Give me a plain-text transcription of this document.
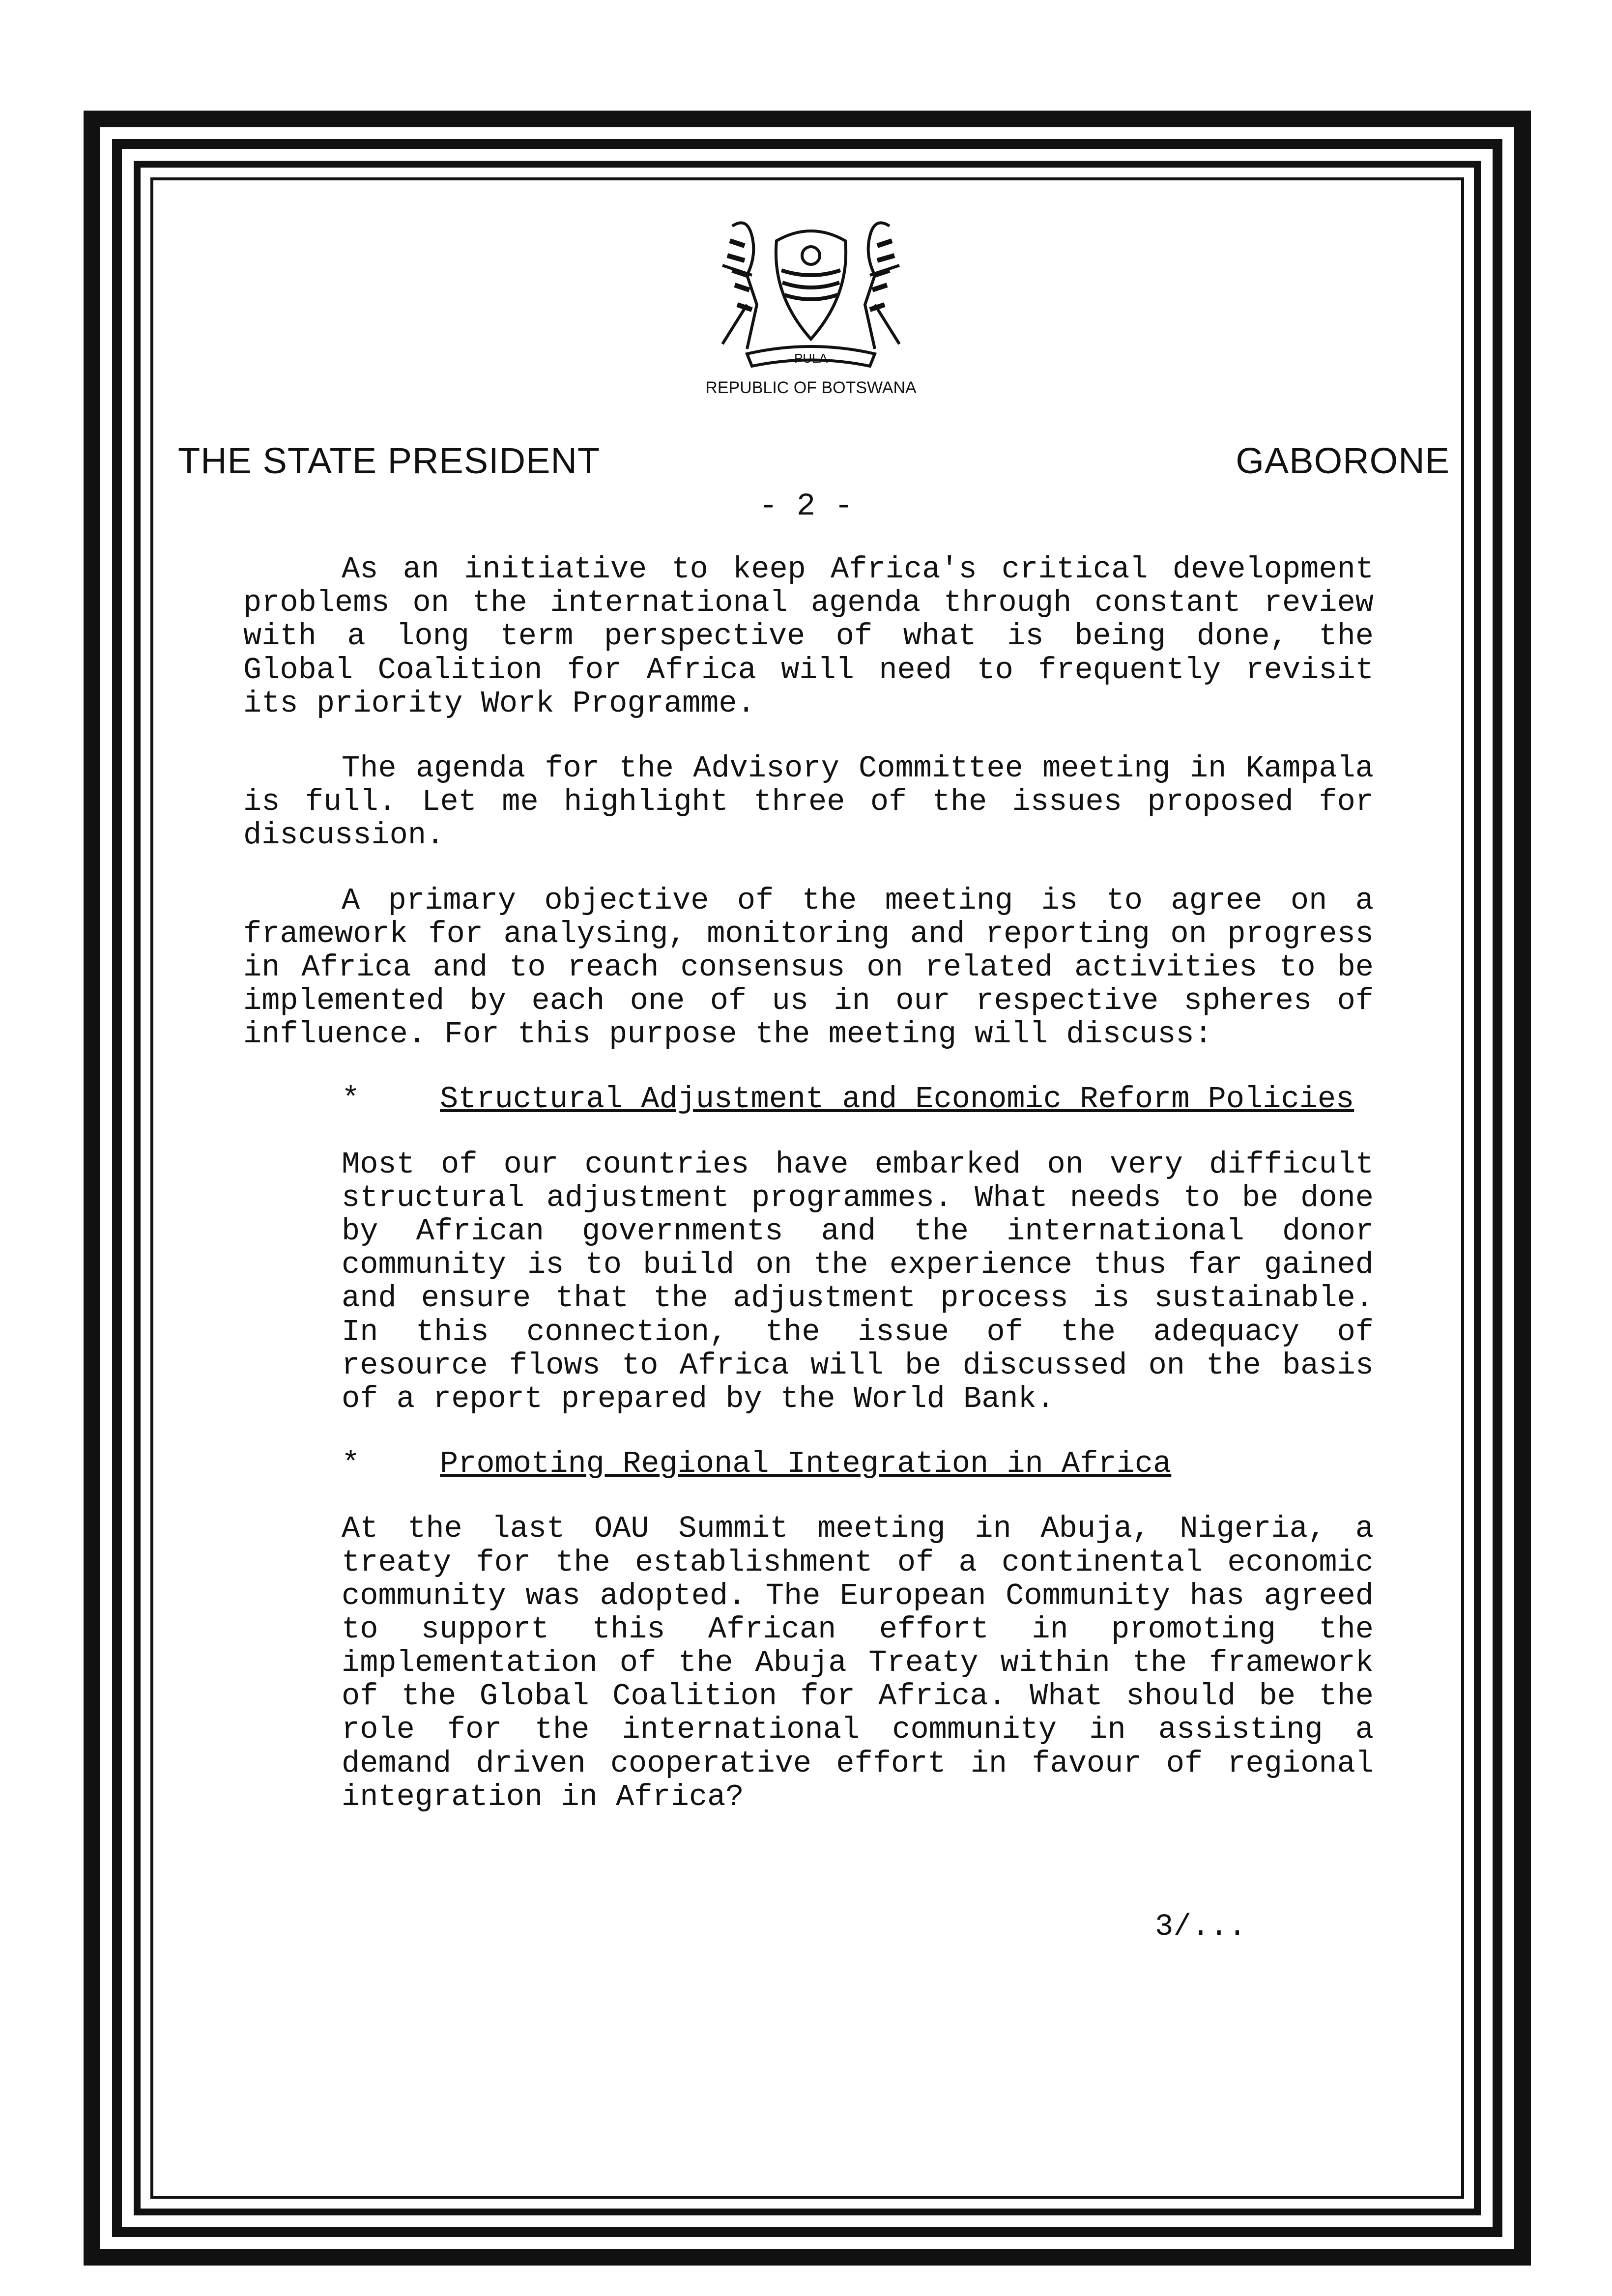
PULA
REPUBLIC OF BOTSWANA
THE STATE PRESIDENT	GABORONE
- 2 -

As an initiative to keep Africa's critical development problems on the international agenda through constant review with a long term perspective of what is being done, the Global Coalition for Africa will need to frequently revisit its priority Work Programme.

The agenda for the Advisory Committee meeting in Kampala is full. Let me highlight three of the issues proposed for discussion.

A primary objective of the meeting is to agree on a framework for analysing, monitoring and reporting on progress in Africa and to reach consensus on related activities to be implemented by each one of us in our respective spheres of influence. For this purpose the meeting will discuss:

*	Structural Adjustment and Economic Reform Policies

Most of our countries have embarked on very difficult structural adjustment programmes. What needs to be done by African governments and the international donor community is to build on the experience thus far gained and ensure that the adjustment process is sustainable. In this connection, the issue of the adequacy of resource flows to Africa will be discussed on the basis of a report prepared by the World Bank.

*	Promoting Regional Integration in Africa

At the last OAU Summit meeting in Abuja, Nigeria, a treaty for the establishment of a continental economic community was adopted. The European Community has agreed to support this African effort in promoting the implementation of the Abuja Treaty within the framework of the Global Coalition for Africa. What should be the role for the international community in assisting a demand driven cooperative effort in favour of regional integration in Africa?

3/...
